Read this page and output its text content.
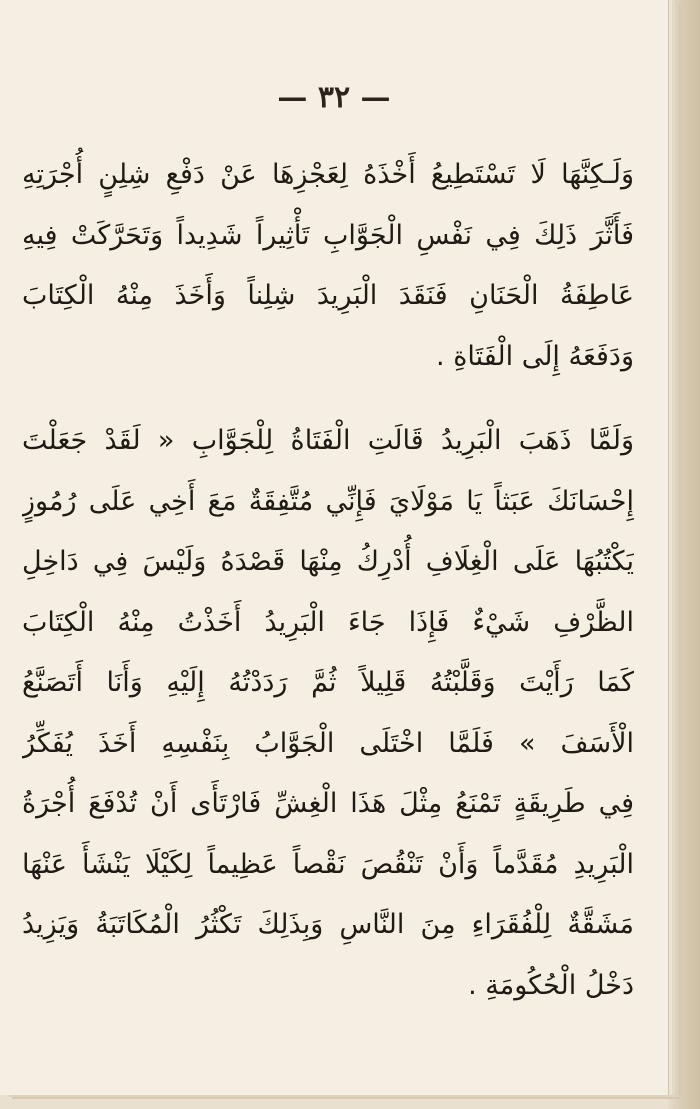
— ٣٢ —
وَلَـكِنَّهَا لَا تَسْتَطِيعُ أَخْذَهُ لِعَجْزِهَا عَنْ دَفْعِ شِلِنٍ أُجْرَتِهِ
فَأَثَّرَ ذَلِكَ فِي نَفْسِ الْجَوَّابِ تَأْثِيراً شَدِيداً وَتَحَرَّكَتْ فِيهِ
عَاطِفَةُ الْحَنَانِ فَنَقَدَ الْبَرِيدَ شِلِناً وَأَخَذَ مِنْهُ الْكِتَابَ
وَدَفَعَهُ إِلَى الْفَتَاةِ .
وَلَمَّا ذَهَبَ الْبَرِيدُ قَالَتِ الْفَتَاةُ لِلْجَوَّابِ « لَقَدْ جَعَلْتَ
إِحْسَانَكَ عَبَثاً يَا مَوْلَايَ فَإِنِّي مُتَّفِقَةٌ مَعَ أَخِي عَلَى رُمُوزٍ
يَكْتُبُهَا عَلَى الْغِلَافِ أُدْرِكُ مِنْهَا قَصْدَهُ وَلَيْسَ فِي دَاخِلِ
الظَّرْفِ شَيْءٌ فَإِذَا جَاءَ الْبَرِيدُ أَخَذْتُ مِنْهُ الْكِتَابَ
كَمَا رَأَيْتَ وَقَلَّبْتُهُ قَلِيلاً ثُمَّ رَدَدْتُهُ إِلَيْهِ وَأَنَا أَتَصَنَّعُ
الْأَسَفَ » فَلَمَّا اخْتَلَى الْجَوَّابُ بِنَفْسِهِ أَخَذَ يُفَكِّرُ
فِي طَرِيقَةٍ تَمْنَعُ مِثْلَ هَذَا الْغِشِّ فَارْتَأَى أَنْ تُدْفَعَ أُجْرَةُ
الْبَرِيدِ مُقَدَّماً وَأَنْ تَنْقُصَ نَقْصاً عَظِيماً لِكَيْلَا يَنْشَأَ عَنْهَا
مَشَقَّةٌ لِلْفُقَرَاءِ مِنَ النَّاسِ وَبِذَلِكَ تَكْثُرُ الْمُكَاتَبَةُ وَيَزِيدُ
دَخْلُ الْحُكُومَةِ .
